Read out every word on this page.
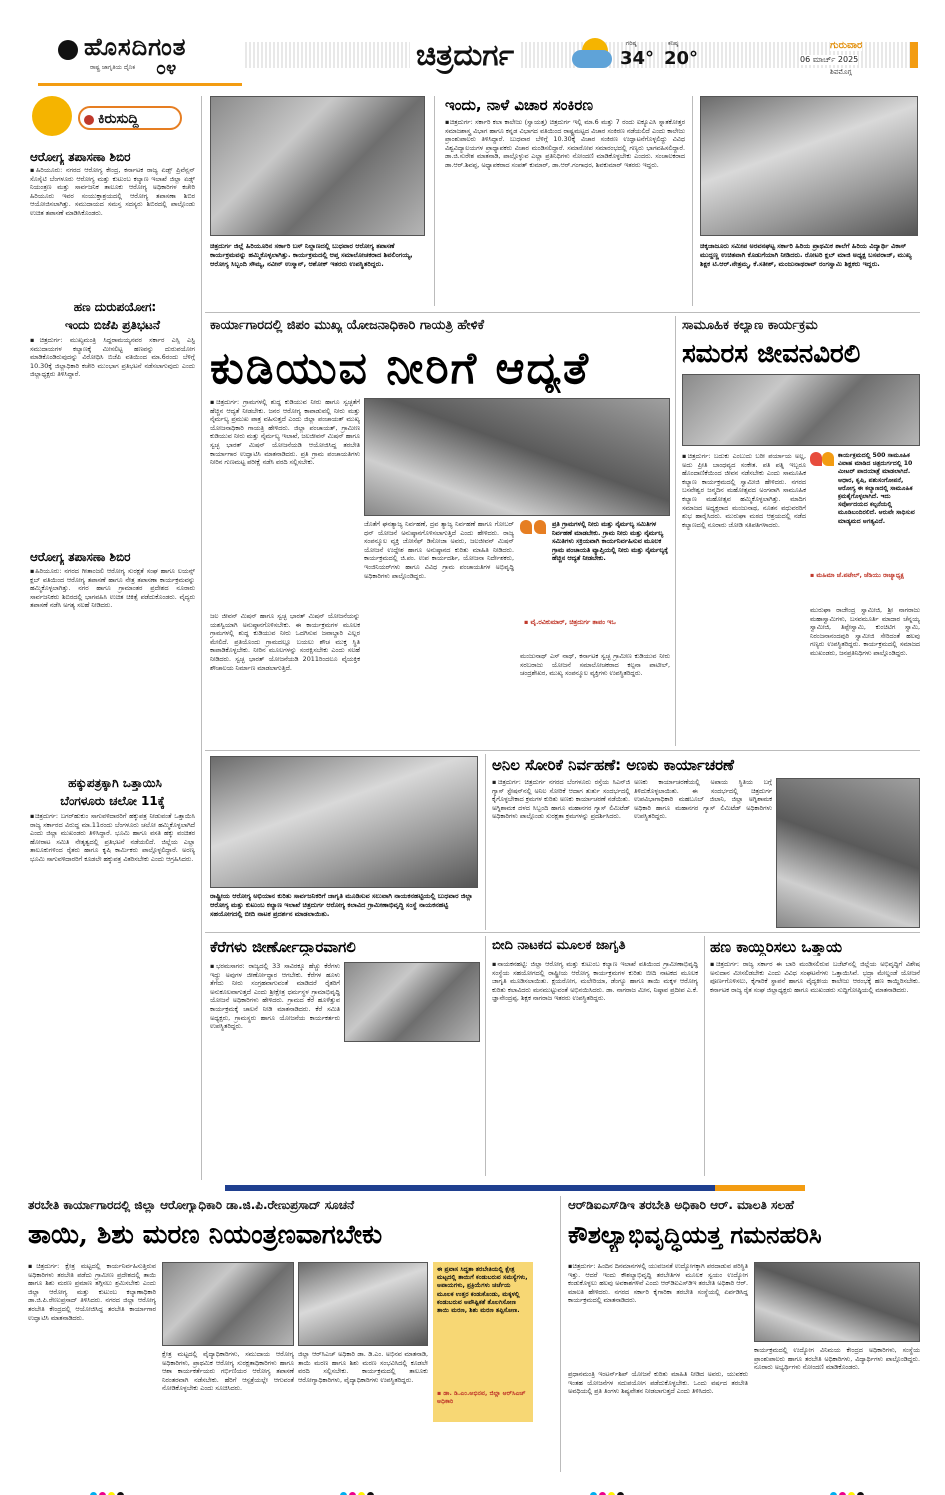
ಹೊಸದಿಗಂತ
ರಾಷ್ಟ್ರ ಜಾಗೃತಿಯ ದೈನಿಕ ೦೪	ಚಿತ್ರದುರ್ಗ	ಗರಿಷ್ಠ
34°
ಕನಿಷ್ಠ
20°
ಗುರುವಾರ
06 ಮಾರ್ಚ್ 2025
ಶಿವಮೊಗ್ಗ
ಕಿರುಸುದ್ದಿ
ಆರೋಗ್ಯ ತಪಾಸಣಾ ಶಿಬಿರ
▪ಹಿರಿಯೂರು: ನಗರದ ಆರೋಗ್ಯ ಕೇಂದ್ರ, ಕರ್ನಾಟಕ ರಾಜ್ಯ ಏಡ್ಸ್ ಪ್ರಿವೆನ್ಷನ್ ಸೊಸೈಟಿ ಬೆಂಗಳೂರು ಆರೋಗ್ಯ ಮತ್ತು ಕುಟುಂಬ ಕಲ್ಯಾಣ ಇಲಾಖೆ ಜಿಲ್ಲಾ ಏಡ್ಸ್ ನಿಯಂತ್ರಣ ಮತ್ತು ಸಾರ್ವಜನಿಕ ತಾಲೂಕು ಆರೋಗ್ಯ ಅಧಿಕಾರಿಗಳ ಕಚೇರಿ ಹಿರಿಯೂರು ಇವರ ಸಂಯುಕ್ತಾಶ್ರಯದಲ್ಲಿ ಆರೋಗ್ಯ ತಪಾಸಣಾ ಶಿಬಿರ ಆಯೋಜಿಸಲಾಗಿತ್ತು. ಸಮುದಾಯದ ಸಮಸ್ತ ಸದಸ್ಯರು ಶಿಬಿರದಲ್ಲಿ ಪಾಲ್ಗೊಂಡು ಉಚಿತ ತಪಾಸಣೆ ಮಾಡಿಸಿಕೊಂಡರು.
ಹಣ ದುರುಪಯೋಗ:
ಇಂದು ಬಿಜೆಪಿ ಪ್ರತಿಭಟನೆ
▪ಚಿತ್ರದುರ್ಗ: ಮುಖ್ಯಮಂತ್ರಿ ಸಿದ್ದರಾಮಯ್ಯನವರ ಸರ್ಕಾರ ಎಸ್ಸಿ ಎಸ್ಟಿ ಸಮುದಾಯಗಳ ಕಲ್ಯಾಣಕ್ಕೆ ಮೀಸಲಿಟ್ಟ ಹಣವನ್ನು ದುರುಪಯೋಗ ಮಾಡಿಕೊಂಡಿರುವುದನ್ನು ವಿರೋಧಿಸಿ ಬಿಜೆಪಿ ವತಿಯಿಂದ ಮಾ.6ರಂದು ಬೆಳಿಗ್ಗೆ 10.30ಕ್ಕೆ ಜಿಲ್ಲಾಧಿಕಾರಿ ಕಚೇರಿ ಮುಂಭಾಗ ಪ್ರತಿಭಟನೆ ನಡೆಸಲಾಗುವುದು ಎಂದು ಜಿಲ್ಲಾಧ್ಯಕ್ಷರು ತಿಳಿಸಿದ್ದಾರೆ.
ಆರೋಗ್ಯ ತಪಾಸಣಾ ಶಿಬಿರ
▪ಹಿರಿಯೂರು: ನಗರದ ಗೀತಾಂಜಲಿ ಆರೋಗ್ಯ ಸುರಕ್ಷತೆ ಸಂಘ ಹಾಗೂ ಲಯನ್ಸ್ ಕ್ಲಬ್ ವತಿಯಿಂದ ಆರೋಗ್ಯ ತಪಾಸಣೆ ಹಾಗೂ ನೇತ್ರ ತಪಾಸಣಾ ಕಾರ್ಯಕ್ರಮವನ್ನು ಹಮ್ಮಿಕೊಳ್ಳಲಾಗಿತ್ತು. ನಗರ ಹಾಗೂ ಗ್ರಾಮಾಂತರ ಪ್ರದೇಶದ ನೂರಾರು ಸಾರ್ವಜನಿಕರು ಶಿಬಿರದಲ್ಲಿ ಭಾಗವಹಿಸಿ ಉಚಿತ ಚಿಕಿತ್ಸೆ ಪಡೆದುಕೊಂಡರು. ವೈದ್ಯರು ತಪಾಸಣೆ ನಡೆಸಿ ಅಗತ್ಯ ಸಲಹೆ ನೀಡಿದರು.
ಹಕ್ಕುಪತ್ರಕ್ಕಾಗಿ ಒತ್ತಾಯಿಸಿ
ಬೆಂಗಳೂರು ಚಲೋ 11ಕ್ಕೆ
▪ಚಿತ್ರದುರ್ಗ: ಬಗರ್‌ಹುಕುಂ ಸಾಗುವಳಿದಾರರಿಗೆ ಹಕ್ಕುಪತ್ರ ನೀಡುವಂತೆ ಒತ್ತಾಯಿಸಿ ರಾಜ್ಯ ಸರ್ಕಾರದ ವಿರುದ್ಧ ಮಾ.11ರಂದು ಬೆಂಗಳೂರು ಚಲೋ ಹಮ್ಮಿಕೊಳ್ಳಲಾಗಿದೆ ಎಂದು ಜಿಲ್ಲಾ ಮುಖಂಡರು ತಿಳಿಸಿದ್ದಾರೆ. ಭೂಮಿ ಹಾಗೂ ವಸತಿ ಹಕ್ಕು ವಂಚಿತರ ಹೋರಾಟ ಸಮಿತಿ ನೇತೃತ್ವದಲ್ಲಿ ಪ್ರತಿಭಟನೆ ನಡೆಯಲಿದೆ. ಜಿಲ್ಲೆಯ ಎಲ್ಲಾ ತಾಲೂಕುಗಳಿಂದ ರೈತರು ಹಾಗೂ ಕೃಷಿ ಕಾರ್ಮಿಕರು ಪಾಲ್ಗೊಳ್ಳಲಿದ್ದಾರೆ. ಅರಣ್ಯ ಭೂಮಿ ಸಾಗುವಳಿದಾರರಿಗೆ ಕೂಡಲೇ ಹಕ್ಕುಪತ್ರ ವಿತರಿಸಬೇಕು ಎಂದು ಆಗ್ರಹಿಸಿದರು.
ಚಿತ್ರದುರ್ಗ ಜಿಲ್ಲೆ ಹಿರಿಯೂರಿನ ಸರ್ಕಾರಿ ಬಸ್ ನಿಲ್ದಾಣದಲ್ಲಿ ಬುಧವಾರ ಆರೋಗ್ಯ ತಪಾಸಣೆ ಕಾರ್ಯಕ್ರಮವನ್ನು ಹಮ್ಮಿಕೊಳ್ಳಲಾಗಿತ್ತು. ಕಾರ್ಯಕ್ರಮದಲ್ಲಿ ಆಪ್ತ ಸಮಾಲೋಚಕರಾದ ಶಿವಲಿಂಗಯ್ಯ, ಆರೋಗ್ಯ ಸಿಬ್ಬಂದಿ ಸೌಮ್ಯ, ನವೀನ್ ಉಸ್ಮಾನ್, ಆಶೋಕ್ ಇತರರು ಉಪಸ್ಥಿತರಿದ್ದರು.
ಇಂದು, ನಾಳೆ ವಿಚಾರ ಸಂಕಿರಣ
▪ಚಿತ್ರದುರ್ಗ: ಸರ್ಕಾರಿ ಕಲಾ ಕಾಲೇಜು (ಸ್ವಾಯತ್ತ) ಚಿತ್ರದುರ್ಗ ಇಲ್ಲಿ ಮಾ.6 ಮತ್ತು 7 ರಂದು ಐಕ್ಯೂಎಸಿ ಸ್ನಾತಕೋತ್ತರ ಸಮಾಜಶಾಸ್ತ್ರ ವಿಭಾಗ ಹಾಗೂ ಕನ್ನಡ ವಿಭಾಗದ ವತಿಯಿಂದ ರಾಷ್ಟ್ರಮಟ್ಟದ ವಿಚಾರ ಸಂಕಿರಣ ನಡೆಯಲಿದೆ ಎಂದು ಕಾಲೇಜು ಪ್ರಾಂಶುಪಾಲರು ತಿಳಿಸಿದ್ದಾರೆ. ಬುಧವಾರ ಬೆಳಿಗ್ಗೆ 10.30ಕ್ಕೆ ವಿಚಾರ ಸಂಕಿರಣ ಉದ್ಘಾಟನೆಗೊಳ್ಳಲಿದ್ದು ವಿವಿಧ ವಿಶ್ವವಿದ್ಯಾಲಯಗಳ ಪ್ರಾಧ್ಯಾಪಕರು ವಿಚಾರ ಮಂಡಿಸಲಿದ್ದಾರೆ. ಸಮಾರೋಪ ಸಮಾರಂಭದಲ್ಲಿ ಗಣ್ಯರು ಭಾಗವಹಿಸಲಿದ್ದಾರೆ. ಡಾ.ಜಿ.ಸುರೇಶ ಮಾತನಾಡಿ, ಪಾಲ್ಗೊಳ್ಳುವ ಎಲ್ಲಾ ಪ್ರತಿನಿಧಿಗಳು ನೋಂದಣಿ ಮಾಡಿಕೊಳ್ಳಬೇಕು ಎಂದರು. ಸಂಚಾಲಕರಾದ ಡಾ.ಆರ್.ಶಿವಪ್ಪ, ಅಧ್ಯಾಪಕರಾದ ಸಂಪತ್ ಕುಮಾರ್, ಡಾ.ಆರ್.ಗಂಗಾಧರ, ಶಿವಕುಮಾರ್ ಇತರರು ಇದ್ದರು.
ಚಿಕ್ಕಜಾಜೂರು ಸಮೀಪ ಅರವನಘಟ್ಟ ಸರ್ಕಾರಿ ಹಿರಿಯ ಪ್ರಾಥಮಿಕ ಶಾಲೆಗೆ ಹಿರಿಯ ವಿದ್ಯಾರ್ಥಿ ವಿಕಾಸ್ ಮುದ್ದಣ್ಣ ಉಚಿತವಾಗಿ ಕೊಡುಗೆಯಾಗಿ ನೀಡಿದರು. ರೋಟರಿ ಕ್ಲಬ್ ಮಾಜಿ ಅಧ್ಯಕ್ಷ ಬಸವರಾಜ್, ಮುಖ್ಯ ಶಿಕ್ಷಕ ಟಿ.ಆರ್.ನೇತ್ರಮ್ಮ, ಕೆ.ಸತೀಶ್, ಮಂಜುನಾಥರಾವ್ ರಂಗಸ್ವಾಮಿ ಶಿಕ್ಷಕರು ಇದ್ದರು.
ಕಾರ್ಯಾಗಾರದಲ್ಲಿ ಜಿಪಂ ಮುಖ್ಯ ಯೋಜನಾಧಿಕಾರಿ ಗಾಯತ್ರಿ ಹೇಳಿಕೆ
ಕುಡಿಯುವ ನೀರಿಗೆ ಆದ್ಯತೆ
▪ಚಿತ್ರದುರ್ಗ: ಗ್ರಾಮಗಳಲ್ಲಿ ಶುದ್ಧ ಕುಡಿಯುವ ನೀರು ಹಾಗೂ ಸ್ವಚ್ಛತೆಗೆ ಹೆಚ್ಚಿನ ಆದ್ಯತೆ ನೀಡಬೇಕು. ಜನರ ಆರೋಗ್ಯ ಕಾಪಾಡುವಲ್ಲಿ ನೀರು ಮತ್ತು ನೈರ್ಮಲ್ಯ ಪ್ರಮುಖ ಪಾತ್ರ ವಹಿಸುತ್ತದೆ ಎಂದು ಜಿಲ್ಲಾ ಪಂಚಾಯತ್ ಮುಖ್ಯ ಯೋಜನಾಧಿಕಾರಿ ಗಾಯತ್ರಿ ಹೇಳಿದರು. ಜಿಲ್ಲಾ ಪಂಚಾಯತ್, ಗ್ರಾಮೀಣ ಕುಡಿಯುವ ನೀರು ಮತ್ತು ನೈರ್ಮಲ್ಯ ಇಲಾಖೆ, ಜಲಜೀವನ್ ಮಿಷನ್ ಹಾಗೂ ಸ್ವಚ್ಛ ಭಾರತ್ ಮಿಷನ್ ಯೋಜನೆಯಡಿ ಆಯೋಜಿಸಿದ್ದ ತರಬೇತಿ ಕಾರ್ಯಾಗಾರ ಉದ್ಘಾಟಿಸಿ ಮಾತನಾಡಿದರು. ಪ್ರತಿ ಗ್ರಾಮ ಪಂಚಾಯತಿಗಳು ನೀರಿನ ಗುಣಮಟ್ಟ ಪರೀಕ್ಷೆ ನಡೆಸಿ ವರದಿ ಸಲ್ಲಿಸಬೇಕು.
ಜಲ ಜೀವನ್ ಮಿಷನ್ ಹಾಗೂ ಸ್ವಚ್ಛ ಭಾರತ್ ಮಿಷನ್ ಯೋಜನೆಯನ್ನು ಯಶಸ್ವಿಯಾಗಿ ಅನುಷ್ಠಾನಗೊಳಿಸಬೇಕು. ಈ ಕಾರ್ಯಕ್ರಮಗಳ ಮೂಲಕ ಗ್ರಾಮಗಳಲ್ಲಿ ಶುದ್ಧ ಕುಡಿಯುವ ನೀರು ಒದಗಿಸುವ ಜವಾಬ್ದಾರಿ ಎಲ್ಲರ ಮೇಲಿದೆ. ಪ್ರತಿಯೊಂದು ಗ್ರಾಮದಲ್ಲೂ ಬಯಲು ಶೌಚ ಮುಕ್ತ ಸ್ಥಿತಿ ಕಾಪಾಡಿಕೊಳ್ಳಬೇಕು. ನೀರಿನ ಮೂಲಗಳನ್ನು ಸಂರಕ್ಷಿಸಬೇಕು ಎಂದು ಸಲಹೆ ನೀಡಿದರು. ಸ್ವಚ್ಛ ಭಾರತ್ ಯೋಜನೆಯಡಿ 2011ರಿಂದಲೂ ವೈಯಕ್ತಿಕ ಶೌಚಾಲಯ ನಿರ್ಮಾಣ ಮಾಡಲಾಗುತ್ತಿದೆ.
ಜೊತೆಗೆ ಘನತ್ಯಾಜ್ಯ ನಿರ್ವಹಣೆ, ದ್ರವ ತ್ಯಾಜ್ಯ ನಿರ್ವಹಣೆ ಹಾಗೂ ಗೋಬರ್ ಧನ್ ಯೋಜನೆ ಅನುಷ್ಠಾನಗೊಳಿಸಲಾಗುತ್ತಿದೆ ಎಂದು ಹೇಳಿದರು. ರಾಜ್ಯ ಸಂಪನ್ಮೂಲ ವ್ಯಕ್ತಿ ಜೋಸೆಫ್ ಡಿಸೋಜಾ ಅವರು, ಜಲಜೀವನ್ ಮಿಷನ್ ಯೋಜನೆ ಉದ್ದೇಶ ಹಾಗೂ ಅನುಷ್ಠಾನದ ಕುರಿತು ಮಾಹಿತಿ ನೀಡಿದರು. ಕಾರ್ಯಕ್ರಮದಲ್ಲಿ ಜಿ.ಪಂ. ಉಪ ಕಾರ್ಯದರ್ಶಿ, ಯೋಜನಾ ನಿರ್ದೇಶಕರು, ಇಂಜಿನಿಯರ್‌ಗಳು ಹಾಗೂ ವಿವಿಧ ಗ್ರಾಮ ಪಂಚಾಯತಿಗಳ ಅಭಿವೃದ್ಧಿ ಅಧಿಕಾರಿಗಳು ಪಾಲ್ಗೊಂಡಿದ್ದರು.
ಪ್ರತಿ ಗ್ರಾಮಗಳಲ್ಲಿ ನೀರು ಮತ್ತು ನೈರ್ಮಲ್ಯ ಸಮಿತಿಗಳ ನಿರ್ವಹಣೆ ಮಾಡಬೇಕು. ಗ್ರಾಮ ನೀರು ಮತ್ತು ನೈರ್ಮಲ್ಯ ಸಮಿತಿಗಳು ಸಕ್ರಿಯವಾಗಿ ಕಾರ್ಯನಿರ್ವಹಿಸುವ ಮೂಲಕ ಗ್ರಾಮ ಪಂಚಾಯತಿ ವ್ಯಾಪ್ತಿಯಲ್ಲಿ ನೀರು ಮತ್ತು ನೈರ್ಮಲ್ಯಕ್ಕೆ ಹೆಚ್ಚಿನ ಆದ್ಯತೆ ನೀಡಬೇಕು.
▪ ವೈ.ರವಿಕುಮಾರ್, ಚಿತ್ರದುರ್ಗ ತಾಪಂ ಇಒ
ಮಂಜುನಾಥ್ ಎಸ್ ನಾಥ್, ಕರ್ನಾಟಕ ಸ್ವಚ್ಛ ಗ್ರಾಮೀಣ ಕುಡಿಯುವ ನೀರು ಸರಬರಾಜು ಯೋಜನೆ ಸಮಾಲೋಚಕರಾದ ಕಲ್ಪನಾ ಪಾಟೀಲ್, ಚಂದ್ರಶೇಖರ, ಮುಖ್ಯ ಸಂಪನ್ಮೂಲ ವ್ಯಕ್ತಿಗಳು ಉಪಸ್ಥಿತರಿದ್ದರು.
ಸಾಮೂಹಿಕ ಕಲ್ಯಾಣ ಕಾರ್ಯಕ್ರಮ
ಸಮರಸ ಜೀವನವಿರಲಿ
▪ಚಿತ್ರದುರ್ಗ: ಬದುಕು ಎಂಬುದು ಬರೀ ಪರ್ಯಾಯ ಅಲ್ಲ, ಅದು ಪ್ರೀತಿ ಬಾಂಧವ್ಯದ ಸಂಕೇತ. ಪತಿ ಪತ್ನಿ ಇಬ್ಬರೂ ಹೊಂದಾಣಿಕೆಯಿಂದ ಜೀವನ ನಡೆಸಬೇಕು ಎಂದು ಸಾಮೂಹಿಕ ಕಲ್ಯಾಣ ಕಾರ್ಯಕ್ರಮದಲ್ಲಿ ಸ್ವಾಮೀಜಿ ಹೇಳಿದರು. ನಗರದ ಬಸವೇಶ್ವರ ಜನ್ಮದಿನ ಮಹೋತ್ಸವದ ಅಂಗವಾಗಿ ಸಾಮೂಹಿಕ ಕಲ್ಯಾಣ ಮಹೋತ್ಸವ ಹಮ್ಮಿಕೊಳ್ಳಲಾಗಿತ್ತು. ಮಾದಿಗ ಸಮಾಜದ ಅಧ್ಯಕ್ಷರಾದ ಮಂಜುನಾಥ, ನೂತನ ವಧುವರರಿಗೆ ಶುಭ ಹಾರೈಸಿದರು. ಮುರುಘಾ ಮಠದ ಆಶ್ರಯದಲ್ಲಿ ನಡೆದ ಕಲ್ಯಾಣದಲ್ಲಿ ನೂರಾರು ಜೋಡಿ ಸತಿಪತಿಗಳಾದರು.
ಕಾರ್ಯಕ್ರಮದಲ್ಲಿ 500 ಸಾಮೂಹಿಕ ವಿವಾಹ ಮಾಡಿದ ಚಿತ್ರದುರ್ಗದಲ್ಲಿ 10 ಮೀಟರ್ ಪಾದಯಾತ್ರೆ ಮಾಡಲಾಗಿದೆ. ಆಧಾರ, ಕೃಷಿ, ಪಶುಸಂಗೋಪನೆ, ಆರೋಗ್ಯ ಈ ಕಲ್ಯಾಣದಲ್ಲಿ ಸಾಮೂಹಿಕ ಕ್ರಮಕೈಗೊಳ್ಳಲಾಗಿದೆ. ಇದು ಸರ್ವೋದಯದ ಕಲ್ಪನೆಯಲ್ಲಿ ಮೂಡಿಬಂದಿರಲಿದೆ. ಆರುವೇ ಸಾಧಿಸುವ ಮಾಡ್ಯಮದ ಅಗತ್ಯವಿದೆ.
▪ ಮಹಿಮಾ ಜೆ.ಪಟೇಲ್, ಜೆಡಿಯು ರಾಜ್ಯಾಧ್ಯಕ್ಷ
ಮುರುಘಾ ರಾಜೇಂದ್ರ ಸ್ವಾಮೀಜಿ, ಶ್ರೀ ನಾಗರಾಜು ಮಹಾಸ್ವಾಮಿಗಳು, ಬಸವಮೂರ್ತಿ ಮಾದಾರ ಚೆನ್ನಯ್ಯ ಸ್ವಾಮೀಜಿ, ತಿಪ್ಪೇಸ್ವಾಮಿ, ಕುಂಚಿಟಿಗ ಸ್ವಾಮಿ, ನಿರಂಜನಾನಂದಪುರಿ ಸ್ವಾಮೀಜಿ ಸೇರಿದಂತೆ ಹಲವು ಗಣ್ಯರು ಉಪಸ್ಥಿತರಿದ್ದರು. ಕಾರ್ಯಕ್ರಮದಲ್ಲಿ ಸಮಾಜದ ಮುಖಂಡರು, ಜನಪ್ರತಿನಿಧಿಗಳು ಪಾಲ್ಗೊಂಡಿದ್ದರು.
ರಾಷ್ಟ್ರೀಯ ಆರೋಗ್ಯ ಅಭಿಯಾನ ಕುರಿತು ಸಾರ್ವಜನಿಕರಿಗೆ ಜಾಗೃತಿ ಮೂಡಿಸುವ ಸಲುವಾಗಿ ನಾಯಕನಹಟ್ಟಿಯಲ್ಲಿ ಬುಧವಾರ ಜಿಲ್ಲಾ ಆರೋಗ್ಯ ಮತ್ತು ಕುಟುಂಬ ಕಲ್ಯಾಣ ಇಲಾಖೆ ಚಿತ್ರದುರ್ಗ ಆರೋಗ್ಯ ಕಲಾವಿದ ಗ್ರಾಮೀಣಾಭಿವೃದ್ಧಿ ಸಂಸ್ಥೆ ನಾಯಕನಹಟ್ಟಿ ಸಹಯೋಗದಲ್ಲಿ ಬೀದಿ ನಾಟಕ ಪ್ರದರ್ಶನ ಮಾಡಲಾಯಿತು.
ಅನಿಲ ಸೋರಿಕೆ ನಿರ್ವಹಣೆ: ಅಣಕು ಕಾರ್ಯಾಚರಣೆ
▪ಚಿತ್ರದುರ್ಗ: ಚಿತ್ರದುರ್ಗ ನಗರದ ಬೆಂಗಳೂರು ರಸ್ತೆಯ ಸಿಎನ್‌ಜಿ ಗ್ಯಾಸ್ ಸ್ಟೇಷನ್‌ನಲ್ಲಿ ಅನಿಲ ಸೋರಿಕೆ ಆದಾಗ ತುರ್ತು ಸಂದರ್ಭದಲ್ಲಿ ಕೈಗೊಳ್ಳಬೇಕಾದ ಕ್ರಮಗಳ ಕುರಿತು ಅಣಕು ಕಾರ್ಯಾಚರಣೆ ನಡೆಯಿತು. ಅಗ್ನಿಶಾಮಕ ದಳದ ಸಿಬ್ಬಂದಿ ಹಾಗೂ ಮಹಾನಗರ ಗ್ಯಾಸ್ ಲಿಮಿಟೆಡ್ ಅಧಿಕಾರಿಗಳು ಪಾಲ್ಗೊಂಡು ಸುರಕ್ಷತಾ ಕ್ರಮಗಳನ್ನು ಪ್ರದರ್ಶಿಸಿದರು.
ಅಣಕು ಕಾರ್ಯಾಚರಣೆಯಲ್ಲಿ ಅಪಾಯ ಸ್ಥಿತಿಯ ಬಗ್ಗೆ ತಿಳಿದುಕೊಳ್ಳಲಾಯಿತು. ಈ ಸಂದರ್ಭದಲ್ಲಿ ಚಿತ್ರದುರ್ಗ ಉಪವಿಭಾಗಾಧಿಕಾರಿ ಮಹಬೂಬ್ ಜಿಲಾನಿ, ಜಿಲ್ಲಾ ಅಗ್ನಿಶಾಮಕ ಅಧಿಕಾರಿ ಹಾಗೂ ಮಹಾನಗರ ಗ್ಯಾಸ್ ಲಿಮಿಟೆಡ್ ಅಧಿಕಾರಿಗಳು ಉಪಸ್ಥಿತರಿದ್ದರು.
ಕೆರೆಗಳು ಜೀರ್ಣೋದ್ಧಾರವಾಗಲಿ
▪ಭರಮಸಾಗರ: ರಾಜ್ಯದಲ್ಲಿ 33 ಸಾವಿರಕ್ಕೂ ಹೆಚ್ಚು ಕೆರೆಗಳು ಇದ್ದು ಅವುಗಳ ಜೀರ್ಣೋದ್ಧಾರ ಆಗಬೇಕು. ಕೆರೆಗಳ ಹೂಳು ತೆಗೆದು ನೀರು ಸಂಗ್ರಹವಾಗುವಂತೆ ಮಾಡಿದರೆ ರೈತರಿಗೆ ಅನುಕೂಲವಾಗುತ್ತದೆ ಎಂದು ಶ್ರೀಕ್ಷೇತ್ರ ಧರ್ಮಸ್ಥಳ ಗ್ರಾಮಾಭಿವೃದ್ಧಿ ಯೋಜನೆ ಅಧಿಕಾರಿಗಳು ಹೇಳಿದರು. ಗ್ರಾಮದ ಕೆರೆ ಹೂಳೆತ್ತುವ ಕಾರ್ಯಕ್ರಮಕ್ಕೆ ಚಾಲನೆ ನೀಡಿ ಮಾತನಾಡಿದರು. ಕೆರೆ ಸಮಿತಿ ಅಧ್ಯಕ್ಷರು, ಗ್ರಾಮಸ್ಥರು ಹಾಗೂ ಯೋಜನೆಯ ಕಾರ್ಯಕರ್ತರು ಉಪಸ್ಥಿತರಿದ್ದರು.
ಬೀದಿ ನಾಟಕದ ಮೂಲಕ ಜಾಗೃತಿ
▪ನಾಯಕನಹಟ್ಟಿ: ಜಿಲ್ಲಾ ಆರೋಗ್ಯ ಮತ್ತು ಕುಟುಂಬ ಕಲ್ಯಾಣ ಇಲಾಖೆ ವತಿಯಿಂದ ಗ್ರಾಮೀಣಾಭಿವೃದ್ಧಿ ಸಂಸ್ಥೆಯ ಸಹಯೋಗದಲ್ಲಿ ರಾಷ್ಟ್ರೀಯ ಆರೋಗ್ಯ ಕಾರ್ಯಕ್ರಮಗಳ ಕುರಿತು ಬೀದಿ ನಾಟಕದ ಮೂಲಕ ಜಾಗೃತಿ ಮೂಡಿಸಲಾಯಿತು. ಕ್ಷಯರೋಗ, ಮಲೇರಿಯಾ, ಡೆಂಗ್ಯೂ ಹಾಗೂ ತಾಯಿ ಮಕ್ಕಳ ಆರೋಗ್ಯ ಕುರಿತು ಕಲಾವಿದರು ಮನಮುಟ್ಟುವಂತೆ ಅಭಿನಯಿಸಿದರು. ಡಾ. ನಾಗರಾಜ ಮೀನ, ನಿಷ್ಠಾವ ಪ್ರದೀಪ ಎ.ಕೆ. ಜ್ಞಾನೇಂದ್ರಪ್ಪ, ಶಿಕ್ಷಕ ನಾಗರಾಜ ಇತರರು ಉಪಸ್ಥಿತರಿದ್ದರು.
ಹಣ ಕಾಯ್ದಿರಿಸಲು ಒತ್ತಾಯ
▪ಚಿತ್ರದುರ್ಗ: ರಾಜ್ಯ ಸರ್ಕಾರ ಈ ಬಾರಿ ಮಂಡಿಸಲಿರುವ ಬಜೆಟ್‌ನಲ್ಲಿ ಜಿಲ್ಲೆಯ ಅಭಿವೃದ್ಧಿಗೆ ವಿಶೇಷ ಅನುದಾನ ಮೀಸಲಿಡಬೇಕು ಎಂದು ವಿವಿಧ ಸಂಘಟನೆಗಳು ಒತ್ತಾಯಿಸಿವೆ. ಭದ್ರಾ ಮೇಲ್ದಂಡೆ ಯೋಜನೆ ಪೂರ್ಣಗೊಳಿಸಲು, ಕೈಗಾರಿಕೆ ಸ್ಥಾಪನೆ ಹಾಗೂ ವೈದ್ಯಕೀಯ ಕಾಲೇಜು ಆರಂಭಕ್ಕೆ ಹಣ ಕಾಯ್ದಿರಿಸಬೇಕು. ಕರ್ನಾಟಕ ರಾಜ್ಯ ರೈತ ಸಂಘ ಜಿಲ್ಲಾಧ್ಯಕ್ಷರು ಹಾಗೂ ಮುಖಂಡರು ಸುದ್ದಿಗೋಷ್ಠಿಯಲ್ಲಿ ಮಾತನಾಡಿದರು.
ತರಬೇತಿ ಕಾರ್ಯಾಗಾರದಲ್ಲಿ ಜಿಲ್ಲಾ ಆರೋಗ್ಯಾಧಿಕಾರಿ ಡಾ.ಜಿ.ಪಿ.ರೇಣುಪ್ರಸಾದ್ ಸೂಚನೆ
ತಾಯಿ, ಶಿಶು ಮರಣ ನಿಯಂತ್ರಣವಾಗಬೇಕು
▪ಚಿತ್ರದುರ್ಗ: ಕ್ಷೇತ್ರ ಮಟ್ಟದಲ್ಲಿ ಕಾರ್ಯನಿರ್ವಹಿಸುತ್ತಿರುವ ಅಧಿಕಾರಿಗಳು ತರಬೇತಿ ಪಡೆದು ಗ್ರಾಮೀಣ ಪ್ರದೇಶದಲ್ಲಿ ತಾಯಿ ಹಾಗೂ ಶಿಶು ಮರಣ ಪ್ರಮಾಣ ತಗ್ಗಿಸಲು ಶ್ರಮಿಸಬೇಕು ಎಂದು ಜಿಲ್ಲಾ ಆರೋಗ್ಯ ಮತ್ತು ಕುಟುಂಬ ಕಲ್ಯಾಣಾಧಿಕಾರಿ ಡಾ.ಜಿ.ಪಿ.ರೇಣುಪ್ರಸಾದ್ ತಿಳಿಸಿದರು. ನಗರದ ಜಿಲ್ಲಾ ಆರೋಗ್ಯ ತರಬೇತಿ ಕೇಂದ್ರದಲ್ಲಿ ಆಯೋಜಿಸಿದ್ದ ತರಬೇತಿ ಕಾರ್ಯಾಗಾರ ಉದ್ಘಾಟಿಸಿ ಮಾತನಾಡಿದರು.
ಕ್ಷೇತ್ರ ಮಟ್ಟದಲ್ಲಿ ವೈದ್ಯಾಧಿಕಾರಿಗಳು, ಸಮುದಾಯ ಆರೋಗ್ಯ ಅಧಿಕಾರಿಗಳು, ಪ್ರಾಥಮಿಕ ಆರೋಗ್ಯ ಸುರಕ್ಷತಾಧಿಕಾರಿಗಳು ಹಾಗೂ ಆಶಾ ಕಾರ್ಯಕರ್ತೆಯರು ಗರ್ಭಿಣಿಯರ ಆರೋಗ್ಯ ತಪಾಸಣೆ ನಿರಂತರವಾಗಿ ನಡೆಸಬೇಕು. ಹೆರಿಗೆ ಆಸ್ಪತ್ರೆಯಲ್ಲೇ ಆಗುವಂತೆ ನೋಡಿಕೊಳ್ಳಬೇಕು ಎಂದು ಸೂಚಿಸಿದರು.
ಜಿಲ್ಲಾ ಆರ್‌ಸಿಎಚ್ ಅಧಿಕಾರಿ ಡಾ. ಡಿ.ಎಂ. ಅಭಿನವ ಮಾತನಾಡಿ, ತಾಯಿ ಮರಣ ಹಾಗೂ ಶಿಶು ಮರಣ ಸಂಭವಿಸಿದಲ್ಲಿ ಕೂಡಲೇ ವರದಿ ಸಲ್ಲಿಸಬೇಕು. ಕಾರ್ಯಕ್ರಮದಲ್ಲಿ ತಾಲೂಕು ಆರೋಗ್ಯಾಧಿಕಾರಿಗಳು, ವೈದ್ಯಾಧಿಕಾರಿಗಳು ಉಪಸ್ಥಿತರಿದ್ದರು.
ಈ ಪ್ರವಾಸ ಸಿದ್ಧತಾ ತರಬೇತಿಯಲ್ಲಿ ಕ್ಷೇತ್ರ ಮಟ್ಟದಲ್ಲಿ ತಾಯಿಗೆ ಕಂಡುಬರುವ ಸಮಸ್ಯೆಗಳು, ಅಪಾಯಗಳು, ಪ್ರಕ್ರಿಯೆಗಳು ಚರ್ಚೆಯ ಮೂಲಕ ಉತ್ತರ ಕಂಡುಕೊಂಡು, ಮಕ್ಕಳಲ್ಲಿ ಕಂಡುಬರುವ ಅಪೌಷ್ಟಿಕತೆ ತೊಲಗಿಸೋಣ ತಾಯಿ ಮರಣ, ಶಿಶು ಮರಣ ತಪ್ಪಿಸೋಣ.
▪ ಡಾ. ಡಿ.ಎಂ.ಅಭಿನವ, ಜಿಲ್ಲಾ ಆರ್‌ಸಿಎಚ್ ಅಧಿಕಾರಿ
ಆರ್‌ಡಿಐಎಸ್‌ಡಿಇ ತರಬೇತಿ ಅಧಿಕಾರಿ ಆರ್. ಮಾಲತಿ ಸಲಹೆ
ಕೌಶಲ್ಯಾಭಿವೃದ್ಧಿಯತ್ತ ಗಮನಹರಿಸಿ
▪ಚಿತ್ರದುರ್ಗ: ಹಿಂದಿನ ದಿನಮಾನಗಳಲ್ಲಿ ಯುವಜನತೆ ಉದ್ಯೋಗಕ್ಕಾಗಿ ಪರದಾಡುವ ಪರಿಸ್ಥಿತಿ ಇತ್ತು. ಆದರೆ ಇಂದು ಕೌಶಲ್ಯಾಭಿವೃದ್ಧಿ ತರಬೇತಿಗಳ ಮೂಲಕ ಸ್ವಯಂ ಉದ್ಯೋಗ ಕಂಡುಕೊಳ್ಳಲು ಹಲವು ಅವಕಾಶಗಳಿವೆ ಎಂದು ಆರ್‌ಡಿಐಎಸ್‌ಡಿಇ ತರಬೇತಿ ಅಧಿಕಾರಿ ಆರ್. ಮಾಲತಿ ಹೇಳಿದರು. ನಗರದ ಸರ್ಕಾರಿ ಕೈಗಾರಿಕಾ ತರಬೇತಿ ಸಂಸ್ಥೆಯಲ್ಲಿ ಏರ್ಪಡಿಸಿದ್ದ ಕಾರ್ಯಕ್ರಮದಲ್ಲಿ ಮಾತನಾಡಿದರು.
ಪ್ರಧಾನಮಂತ್ರಿ ಇಂಟರ್ನ್‌ಶಿಪ್ ಯೋಜನೆ ಕುರಿತು ಮಾಹಿತಿ ನೀಡಿದ ಅವರು, ಯುವಕರು ಇಂತಹ ಯೋಜನೆಗಳ ಸದುಪಯೋಗ ಪಡೆದುಕೊಳ್ಳಬೇಕು. ಒಂದು ವರ್ಷದ ತರಬೇತಿ ಅವಧಿಯಲ್ಲಿ ಪ್ರತಿ ತಿಂಗಳು ಶಿಷ್ಯವೇತನ ನೀಡಲಾಗುತ್ತದೆ ಎಂದು ತಿಳಿಸಿದರು.
ಕಾರ್ಯಕ್ರಮದಲ್ಲಿ ಉದ್ಯೋಗ ವಿನಿಮಯ ಕೇಂದ್ರದ ಅಧಿಕಾರಿಗಳು, ಸಂಸ್ಥೆಯ ಪ್ರಾಂಶುಪಾಲರು ಹಾಗೂ ತರಬೇತಿ ಅಧಿಕಾರಿಗಳು, ವಿದ್ಯಾರ್ಥಿಗಳು ಪಾಲ್ಗೊಂಡಿದ್ದರು. ನೂರಾರು ಅಭ್ಯರ್ಥಿಗಳು ನೋಂದಣಿ ಮಾಡಿಕೊಂಡರು.
